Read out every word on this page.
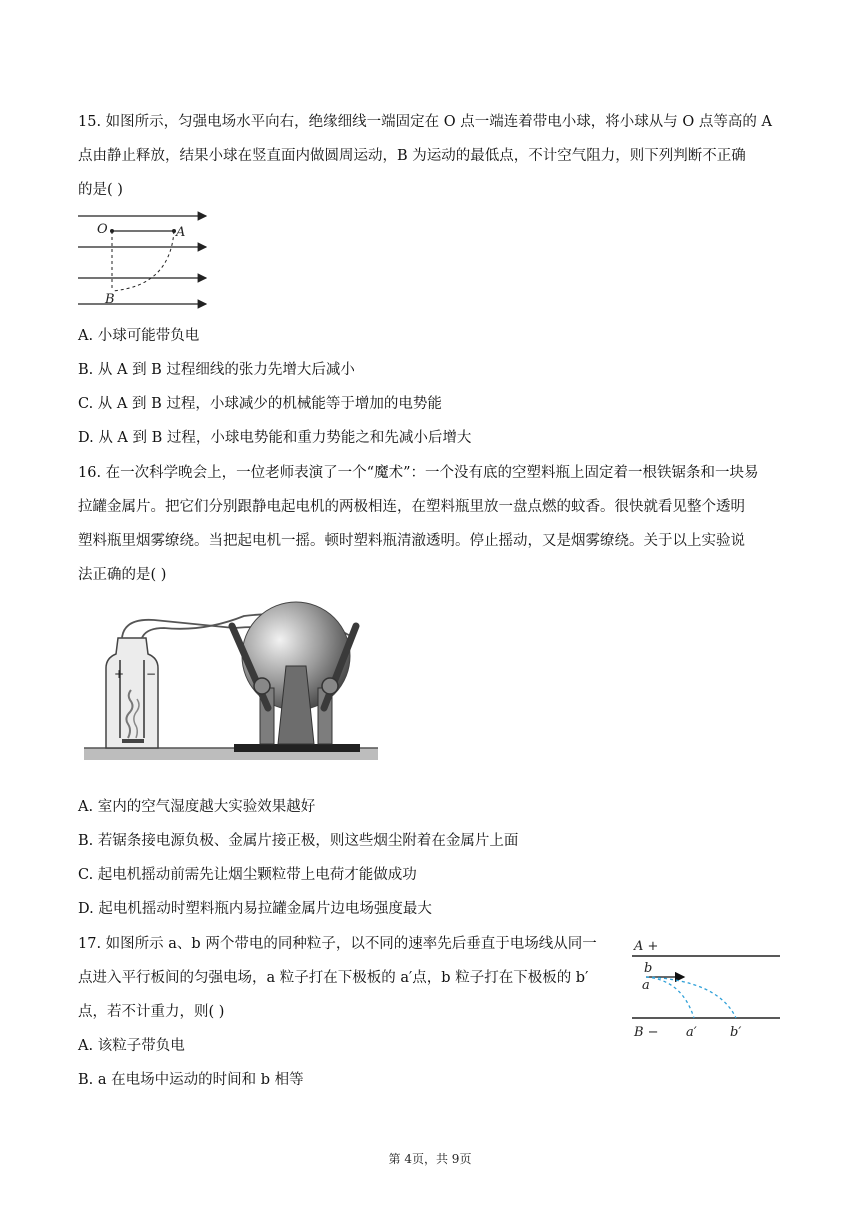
15. 如图所示，匀强电场水平向右，绝缘细线一端固定在 O 点一端连着带电小球，将小球从与 O 点等高的 A
点由静止释放，结果小球在竖直面内做圆周运动，B 为运动的最低点，不计空气阻力，则下列判断不正确
的是( )
O	A
B
A. 小球可能带负电
B. 从 A 到 B 过程细线的张力先增大后减小
C. 从 A 到 B 过程，小球减少的机械能等于增加的电势能
D. 从 A 到 B 过程，小球电势能和重力势能之和先减小后增大
16. 在一次科学晚会上，一位老师表演了一个“魔术”：一个没有底的空塑料瓶上固定着一根铁锯条和一块易
拉罐金属片。把它们分别跟静电起电机的两极相连，在塑料瓶里放一盘点燃的蚊香。很快就看见整个透明
塑料瓶里烟雾缭绕。当把起电机一摇。顿时塑料瓶清澈透明。停止摇动，又是烟雾缭绕。关于以上实验说
法正确的是( )
+ −
A. 室内的空气湿度越大实验效果越好
B. 若锯条接电源负极、金属片接正极，则这些烟尘附着在金属片上面
C. 起电机摇动前需先让烟尘颗粒带上电荷才能做成功
D. 起电机摇动时塑料瓶内易拉罐金属片边电场强度最大
17. 如图所示 a、b 两个带电的同种粒子，以不同的速率先后垂直于电场线从同一
点进入平行板间的匀强电场，a 粒子打在下极板的 a′点，b 粒子打在下极板的 b′
点，若不计重力，则( )
A +
B −
b
a
a′	b′
A. 该粒子带负电
B. a 在电场中运动的时间和 b 相等
第 4页，共 9页
